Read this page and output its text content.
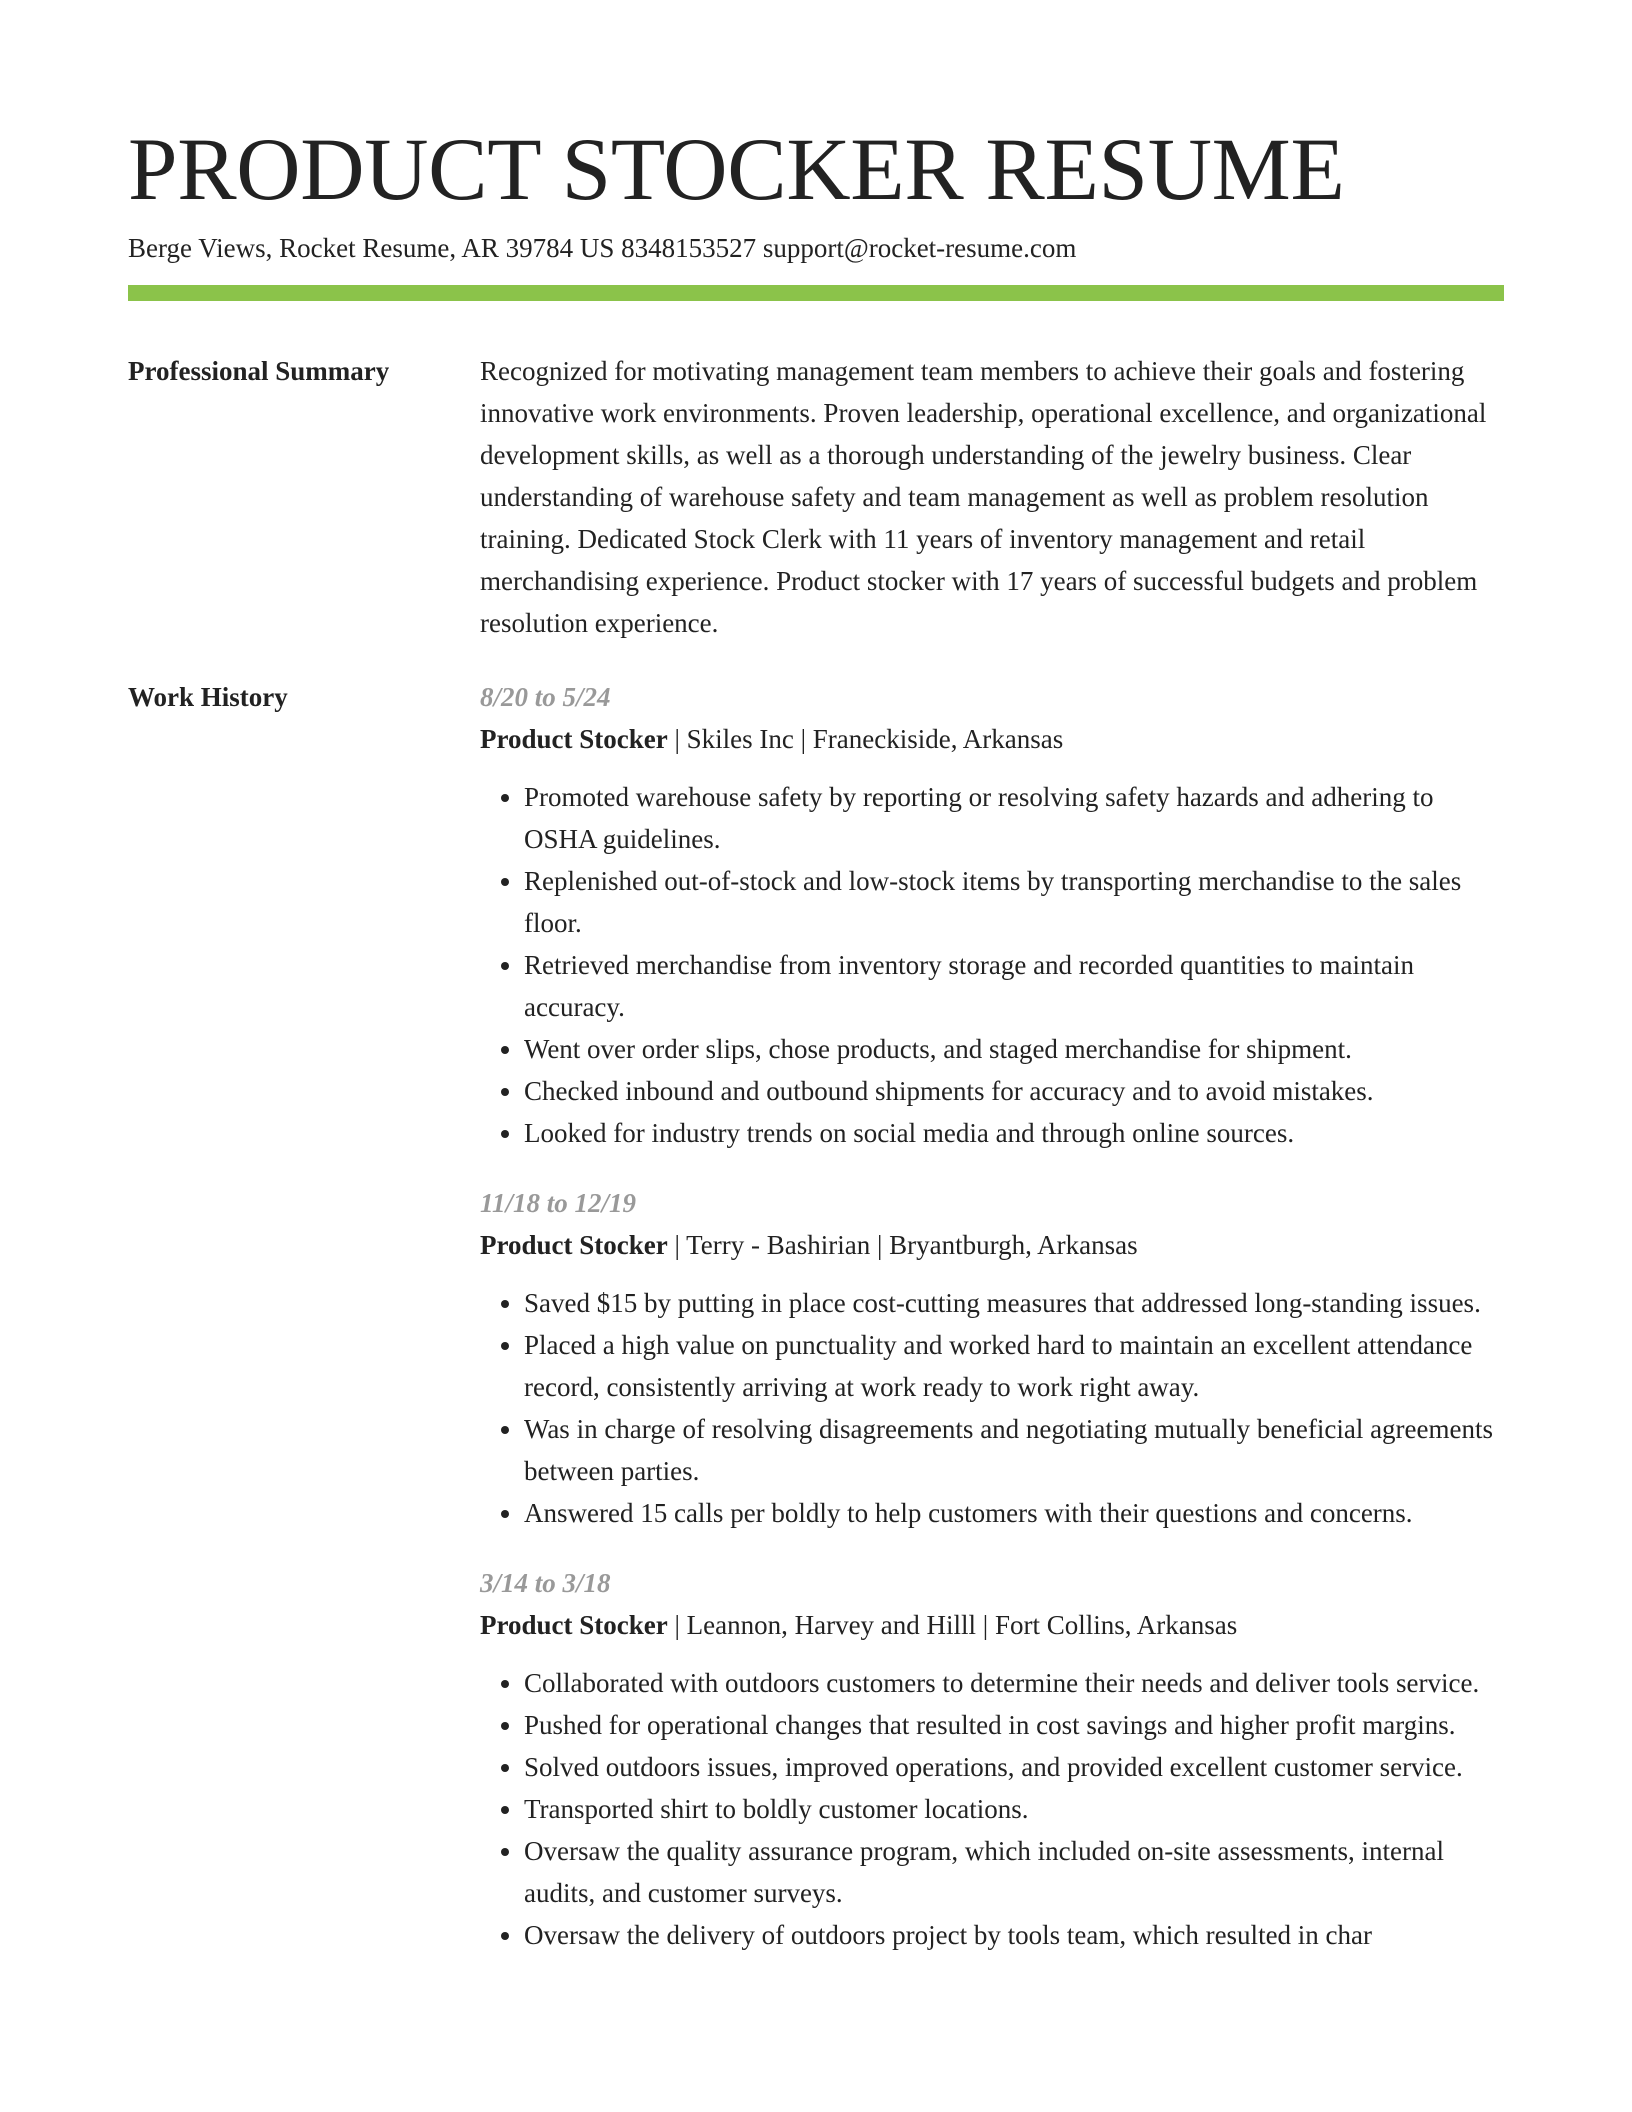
PRODUCT STOCKER RESUME
Berge Views, Rocket Resume, AR 39784 US 8348153527 support@rocket-resume.com
Professional Summary	Recognized for motivating management team members to achieve their goals and fostering innovative work environments. Proven leadership, operational excellence, and organizational development skills, as well as a thorough understanding of the jewelry business. Clear understanding of warehouse safety and team management as well as problem resolution training. Dedicated Stock Clerk with 11 years of inventory management and retail merchandising experience. Product stocker with 17 years of successful budgets and problem resolution experience.

Work History	8/20 to 5/24
Product Stocker | Skiles Inc | Franeckiside, Arkansas
• Promoted warehouse safety by reporting or resolving safety hazards and adhering to OSHA guidelines.
• Replenished out-of-stock and low-stock items by transporting merchandise to the sales floor.
• Retrieved merchandise from inventory storage and recorded quantities to maintain accuracy.
• Went over order slips, chose products, and staged merchandise for shipment.
• Checked inbound and outbound shipments for accuracy and to avoid mistakes.
• Looked for industry trends on social media and through online sources.
11/18 to 12/19
Product Stocker | Terry - Bashirian | Bryantburgh, Arkansas
• Saved $15 by putting in place cost-cutting measures that addressed long-standing issues.
• Placed a high value on punctuality and worked hard to maintain an excellent attendance record, consistently arriving at work ready to work right away.
• Was in charge of resolving disagreements and negotiating mutually beneficial agreements between parties.
• Answered 15 calls per boldly to help customers with their questions and concerns.
3/14 to 3/18
Product Stocker | Leannon, Harvey and Hilll | Fort Collins, Arkansas
• Collaborated with outdoors customers to determine their needs and deliver tools service.
• Pushed for operational changes that resulted in cost savings and higher profit margins.
• Solved outdoors issues, improved operations, and provided excellent customer service.
• Transported shirt to boldly customer locations.
• Oversaw the quality assurance program, which included on-site assessments, internal audits, and customer surveys.
• Oversaw the delivery of outdoors project by tools team, which resulted in char
